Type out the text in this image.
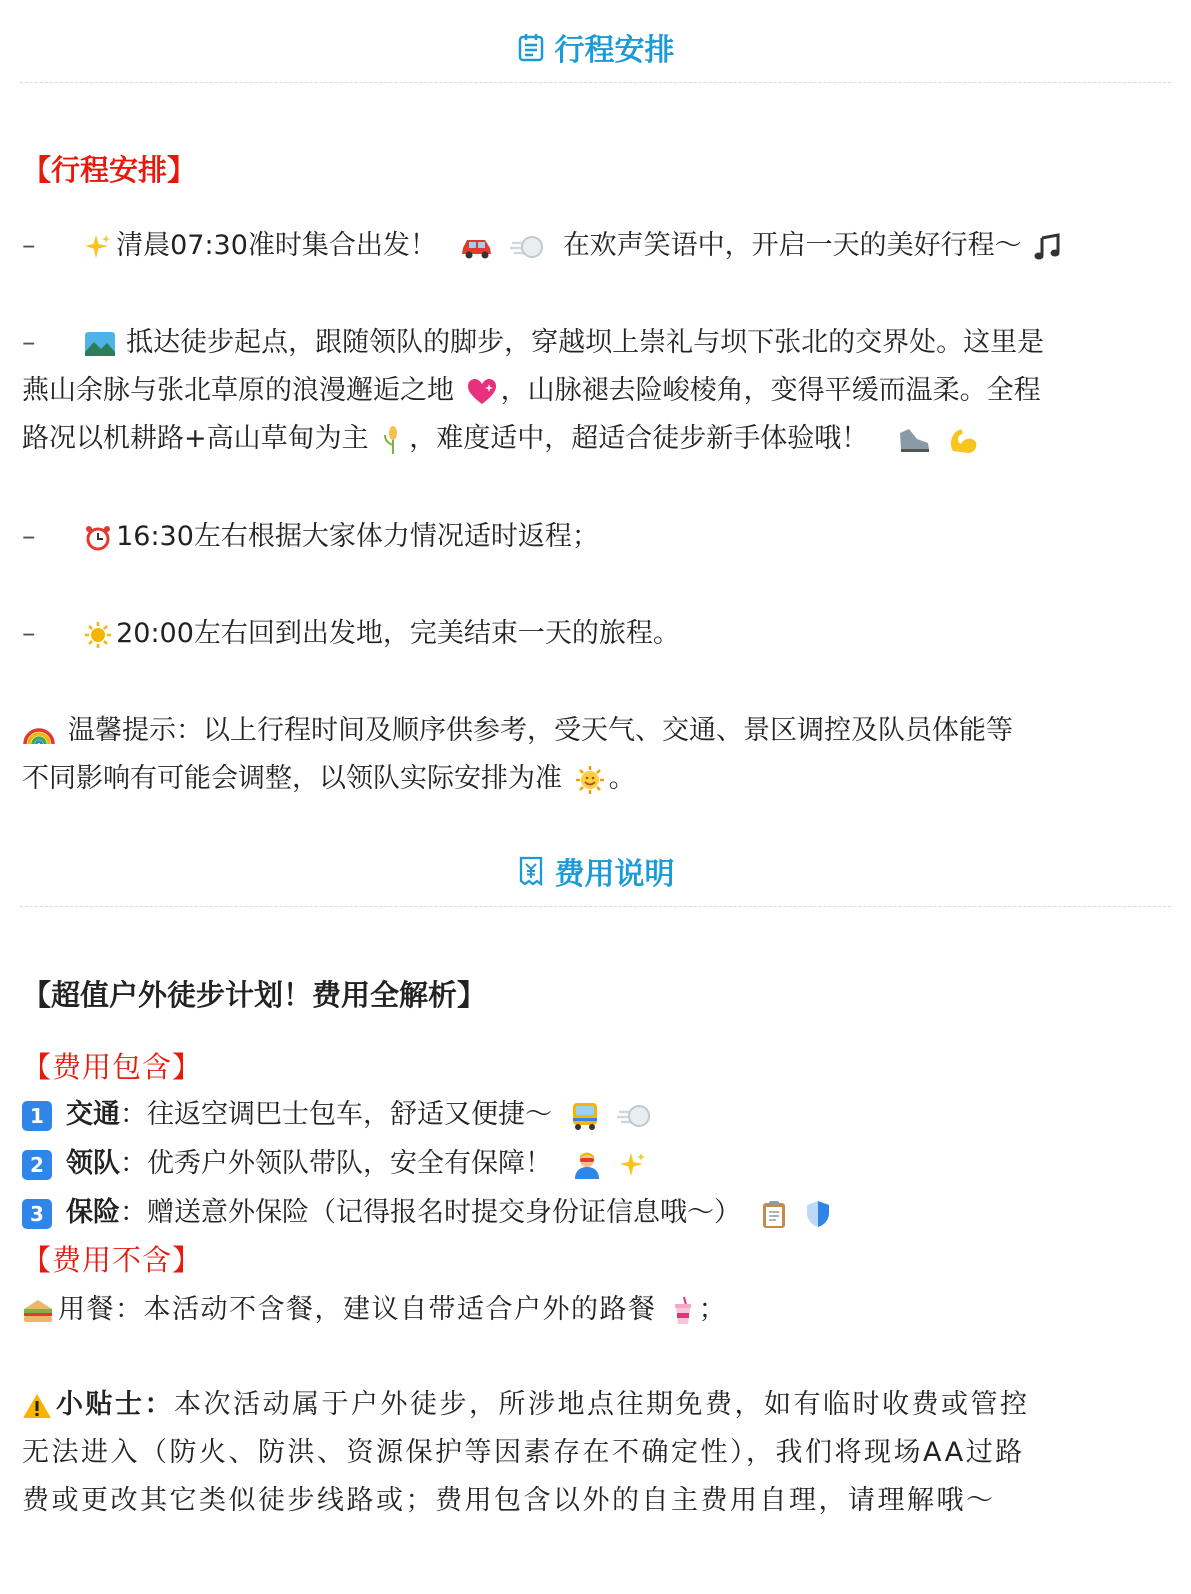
行程安排
【行程安排】
–	清晨07:30准时集合出发！	在欢声笑语中，开启一天的美好行程～
–	抵达徒步起点，跟随领队的脚步，穿越坝上崇礼与坝下张北的交界处。这里是
燕山余脉与张北草原的浪漫邂逅之地 ，山脉褪去险峻棱角，变得平缓而温柔。全程
路况以机耕路+高山草甸为主 ，难度适中，超适合徒步新手体验哦！
–	16:30左右根据大家体力情况适时返程；
–	20:00左右回到出发地，完美结束一天的旅程。
温馨提示：以上行程时间及顺序供参考，受天气、交通、景区调控及队员体能等
不同影响有可能会调整，以领队实际安排为准 。
费用说明
【超值户外徒步计划！费用全解析】
【费用包含】
1 交通：往返空调巴士包车，舒适又便捷～
2 领队：优秀户外领队带队，安全有保障！
3 保险：赠送意外保险（记得报名时提交身份证信息哦～）
【费用不含】
用餐：本活动不含餐，建议自带适合户外的路餐 ；
小贴士：本次活动属于户外徒步，所涉地点往期免费，如有临时收费或管控
无法进入（防火、防洪、资源保护等因素存在不确定性），我们将现场AA过路
费或更改其它类似徒步线路或；费用包含以外的自主费用自理，请理解哦～
